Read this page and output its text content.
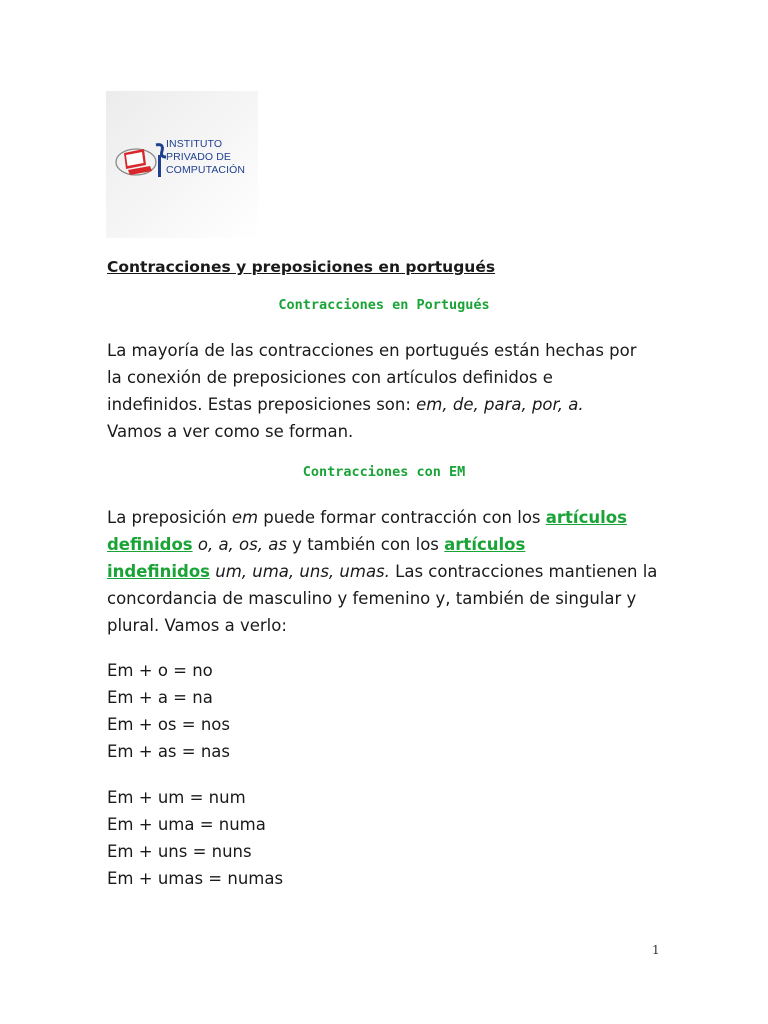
INSTITUTO
PRIVADO DE
COMPUTACIÓN
Contracciones y preposiciones en portugués
Contracciones en Portugués
La mayoría de las contracciones en portugués están hechas por
la conexión de preposiciones con artículos definidos e
indefinidos. Estas preposiciones son: em, de, para, por, a.
Vamos a ver como se forman.
Contracciones con EM
La preposición em puede formar contracción con los artículos
definidos o, a, os, as y también con los artículos
indefinidos um, uma, uns, umas. Las contracciones mantienen la
concordancia de masculino y femenino y, también de singular y
plural. Vamos a verlo:
Em + o = no
Em + a = na
Em + os = nos
Em + as = nas
Em + um = num
Em + uma = numa
Em + uns = nuns
Em + umas = numas
1
